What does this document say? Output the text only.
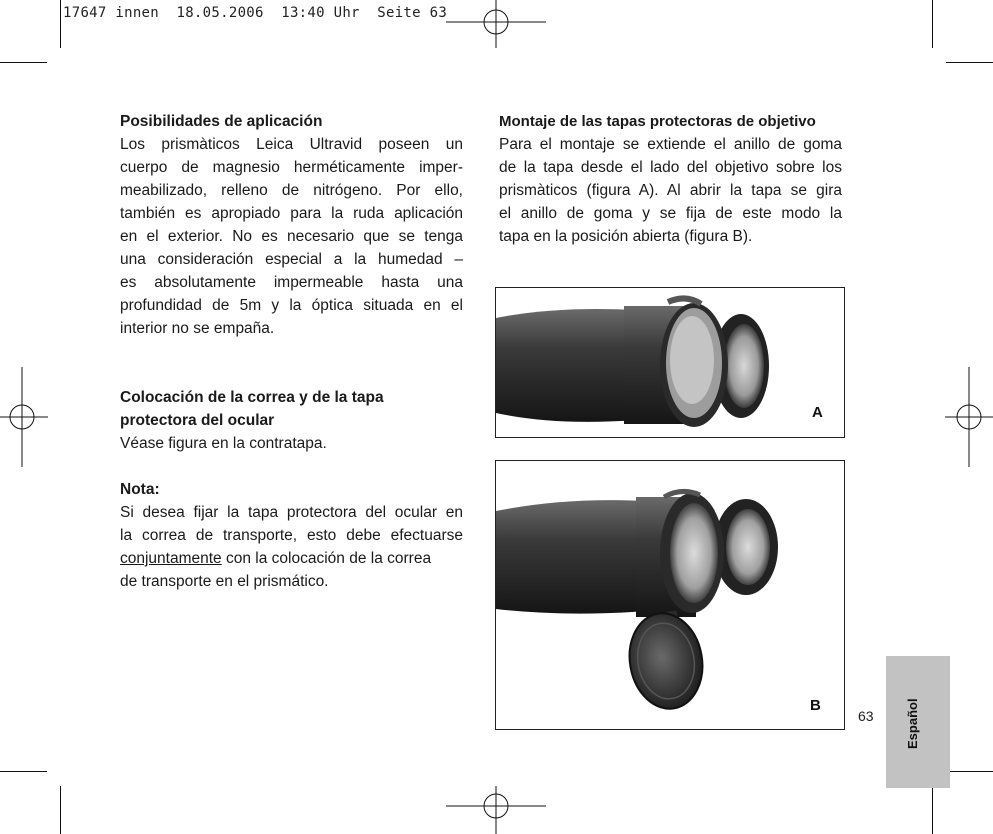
17647 innen  18.05.2006  13:40 Uhr  Seite 63
Posibilidades de aplicación
Los prismàticos Leica Ultravid poseen un
cuerpo de magnesio herméticamente imper-
meabilizado, relleno de nitrógeno. Por ello,
también es apropiado para la ruda aplicación
en el exterior. No es necesario que se tenga
una consideración especial a la humedad –
es absolutamente impermeable hasta una
profundidad de 5m y la óptica situada en el
interior no se empaña.
Colocación de la correa y de la tapa
protectora del ocular
Véase figura en la contratapa.
Nota:
Si desea fijar la tapa protectora del ocular en
la correa de transporte, esto debe efectuarse
conjuntamente con la colocación de la correa
de transporte en el prismático.
Montaje de las tapas protectoras de objetivo
Para el montaje se extiende el anillo de goma
de la tapa desde el lado del objetivo sobre los
prismàticos (figura A). Al abrir la tapa se gira
el anillo de goma y se fija de este modo la
tapa en la posición abierta (figura B).
A
B
63 Español
